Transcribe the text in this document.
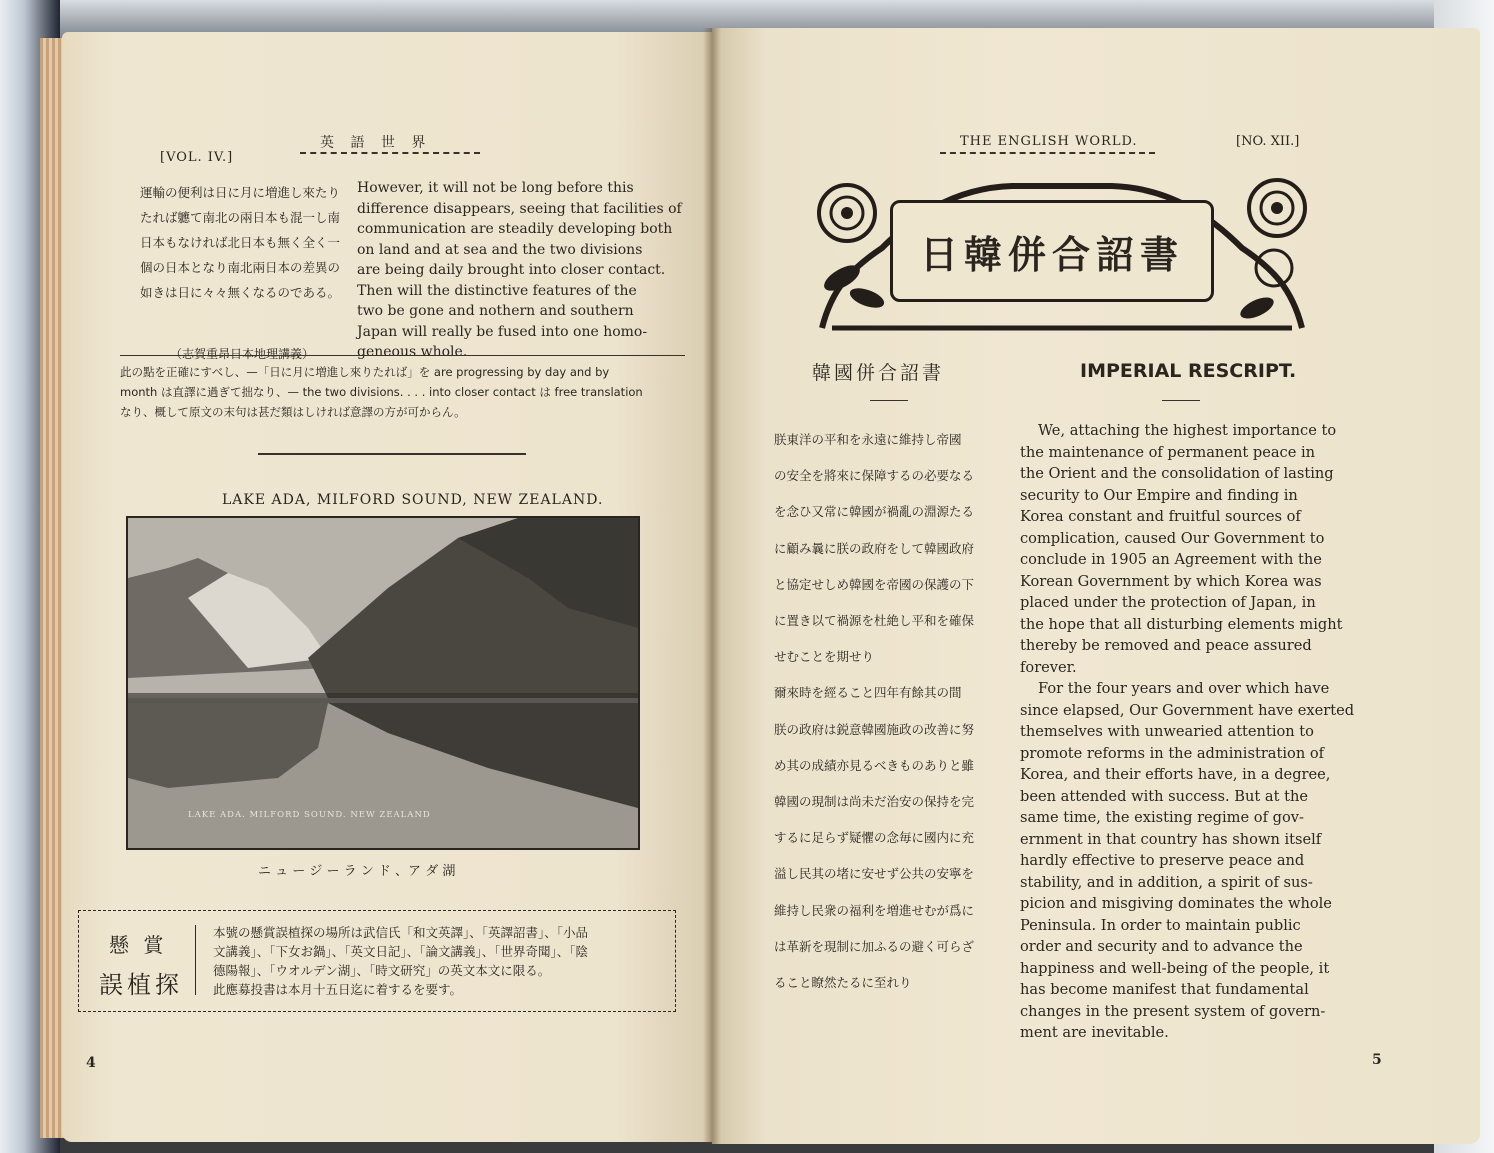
[VOL. IV.]
英 語 世 界
運輸の便利は日に月に増進し來たり
たれば軈て南北の兩日本も混一し南
日本もなければ北日本も無く全く一
個の日本となり南北兩日本の差異の
如きは日に々々無くなるのである。
（志賀重昂日本地理講義）
However, it will not be long before this
difference disappears, seeing that facilities of
communication are steadily developing both
on land and at sea and the two divisions
are being daily brought into closer contact.
Then will the distinctive features of the
two be gone and nothern and southern
Japan will really be fused into one homo-
geneous whole.
此の點を正確にすべし、—「日に月に増進し來りたれば」を are progressing by day and by
month は直譯に過ぎて拙なり、— the two divisions. . . . into closer contact は free translation
なり、概して原文の末句は甚だ類はしければ意譯の方が可からん。
LAKE ADA, MILFORD SOUND, NEW ZEALAND.
LAKE ADA. MILFORD SOUND. NEW ZEALAND
ニ ュ ー ジ ー ラ ン ド 、ア ダ 湖
懸 賞
誤植探
本號の懸賞誤植探の場所は武信氏「和文英譯」、「英譯詔書」、「小品
文講義」、「下女お鍋」、「英文日記」、「論文講義」、「世界奇聞」、「陰
德陽報」、「ウオルデン湖」、「時文研究」の英文本文に限る。
此應募投書は本月十五日迄に着するを要す。
4
THE ENGLISH WORLD.	[NO. XII.]
日韓併合詔書
韓國併合詔書	IMPERIAL RESCRIPT.
朕東洋の平和を永遠に維持し帝國
の安全を將來に保障するの必要なる
を念ひ又常に韓國が禍亂の淵源たる
に顧み曩に朕の政府をして韓國政府
と協定せしめ韓國を帝國の保護の下
に置き以て禍源を杜絶し平和を確保
せむことを期せり
爾來時を經ること四年有餘其の間
朕の政府は鋭意韓國施政の改善に努
め其の成績亦見るべきものありと雖
韓國の現制は尚未だ治安の保持を完
するに足らず疑懼の念毎に國内に充
溢し民其の堵に安せず公共の安寧を
維持し民衆の福利を増進せむが爲に
は革新を現制に加ふるの避く可らざ
ること瞭然たるに至れり
We, attaching the highest importance to
the maintenance of permanent peace in
the Orient and the consolidation of lasting
security to Our Empire and finding in
Korea constant and fruitful sources of
complication, caused Our Government to
conclude in 1905 an Agreement with the
Korean Government by which Korea was
placed under the protection of Japan, in
the hope that all disturbing elements might
thereby be removed and peace assured
forever.
For the four years and over which have
since elapsed, Our Government have exerted
themselves with unwearied attention to
promote reforms in the administration of
Korea, and their efforts have, in a degree,
been attended with success. But at the
same time, the existing regime of gov-
ernment in that country has shown itself
hardly effective to preserve peace and
stability, and in addition, a spirit of sus-
picion and misgiving dominates the whole
Peninsula. In order to maintain public
order and security and to advance the
happiness and well-being of the people, it
has become manifest that fundamental
changes in the present system of govern-
ment are inevitable.
5
